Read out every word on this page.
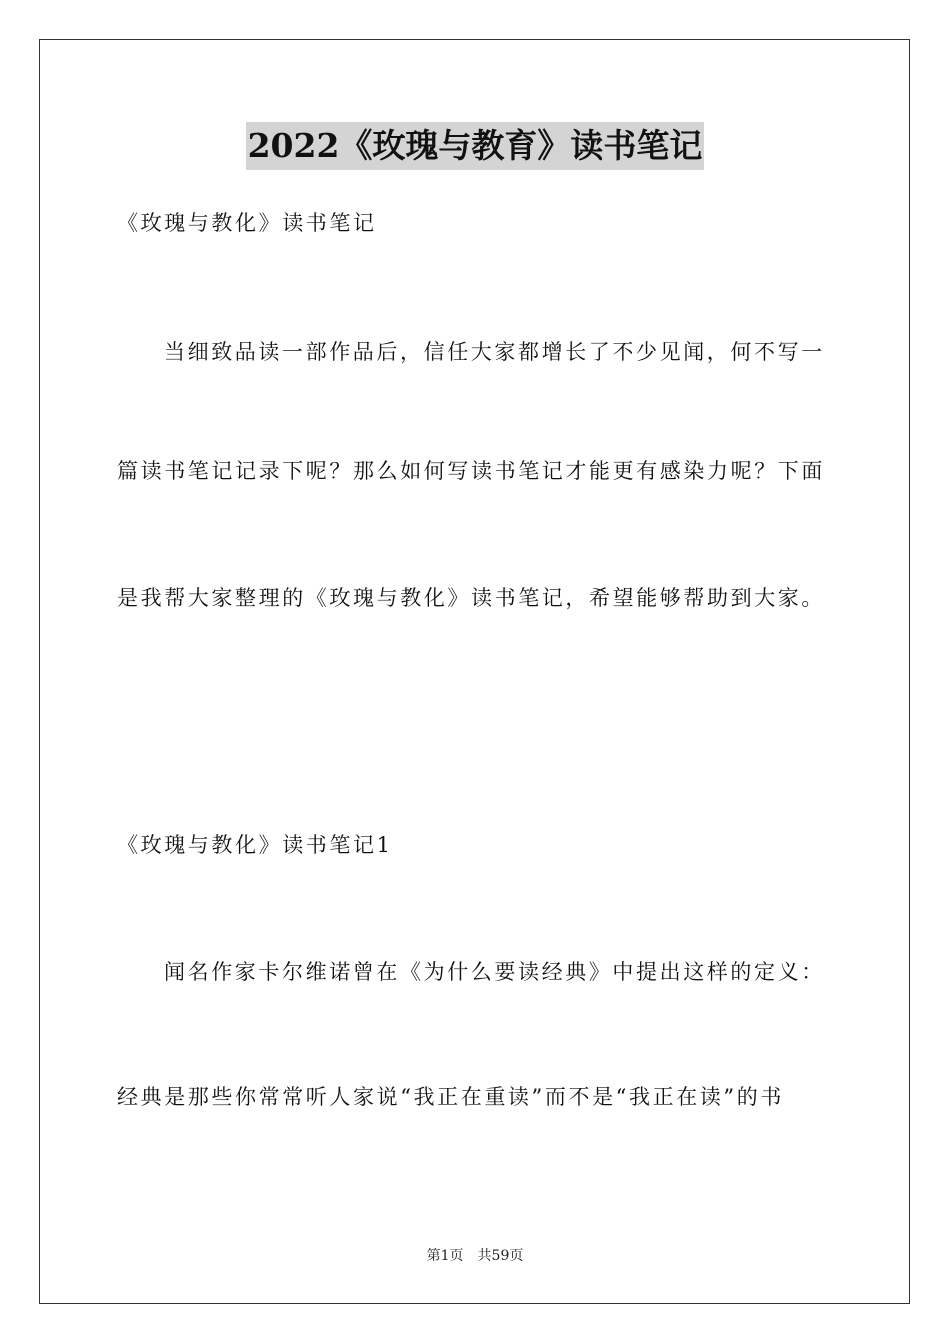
2022《玫瑰与教育》读书笔记
《玫瑰与教化》读书笔记
当细致品读一部作品后，信任大家都增长了不少见闻，何不写一
篇读书笔记记录下呢？那么如何写读书笔记才能更有感染力呢？下面
是我帮大家整理的《玫瑰与教化》读书笔记，希望能够帮助到大家。
《玫瑰与教化》读书笔记1
闻名作家卡尔维诺曾在《为什么要读经典》中提出这样的定义：
经典是那些你常常听人家说“我正在重读”而不是“我正在读”的书
第1页 共59页
